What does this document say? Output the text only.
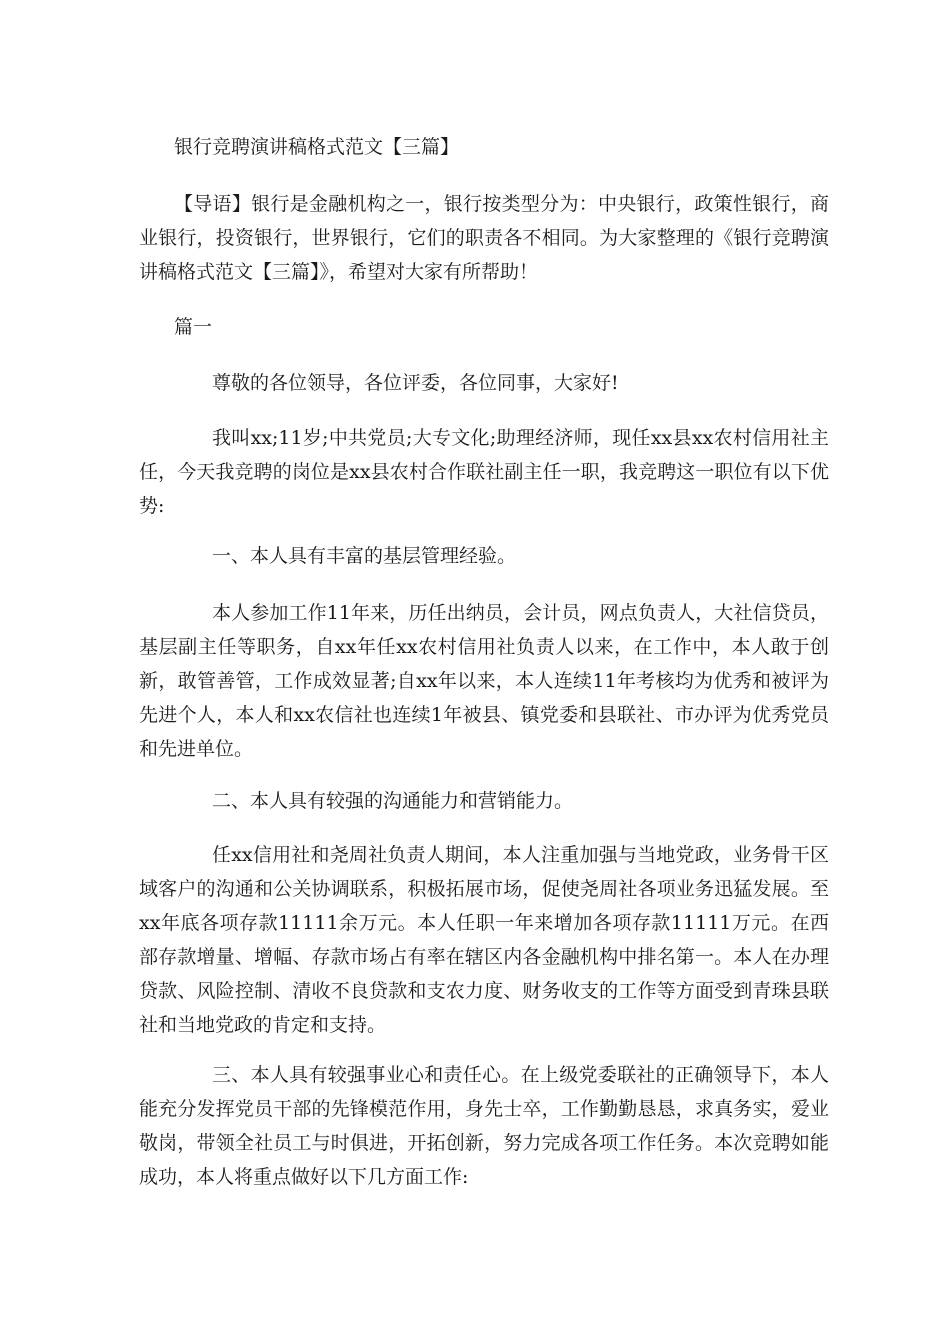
银行竞聘演讲稿格式范文【三篇】

【导语】银行是金融机构之一，银行按类型分为：中央银行，政策性银行，商业银行，投资银行，世界银行，它们的职责各不相同。为大家整理的《银行竞聘演讲稿格式范文【三篇】》，希望对大家有所帮助！

篇一

尊敬的各位领导，各位评委，各位同事，大家好!

我叫xx;11岁;中共党员;大专文化;助理经济师，现任xx县xx农村信用社主任，今天我竞聘的岗位是xx县农村合作联社副主任一职，我竞聘这一职位有以下优势:

一、本人具有丰富的基层管理经验。

本人参加工作11年来，历任出纳员，会计员，网点负责人，大社信贷员，基层副主任等职务，自xx年任xx农村信用社负责人以来，在工作中，本人敢于创新，敢管善管，工作成效显著;自xx年以来，本人连续11年考核均为优秀和被评为先进个人，本人和xx农信社也连续1年被县、镇党委和县联社、市办评为优秀党员和先进单位。

二、本人具有较强的沟通能力和营销能力。

任xx信用社和尧周社负责人期间，本人注重加强与当地党政，业务骨干区域客户的沟通和公关协调联系，积极拓展市场，促使尧周社各项业务迅猛发展。至xx年底各项存款11111余万元。本人任职一年来增加各项存款11111万元。在西部存款增量、增幅、存款市场占有率在辖区内各金融机构中排名第一。本人在办理贷款、风险控制、清收不良贷款和支农力度、财务收支的工作等方面受到青珠县联社和当地党政的肯定和支持。

三、本人具有较强事业心和责任心。在上级党委联社的正确领导下，本人能充分发挥党员干部的先锋模范作用，身先士卒，工作勤勤恳恳，求真务实，爱业敬岗，带领全社员工与时俱进，开拓创新，努力完成各项工作任务。本次竞聘如能成功，本人将重点做好以下几方面工作:
